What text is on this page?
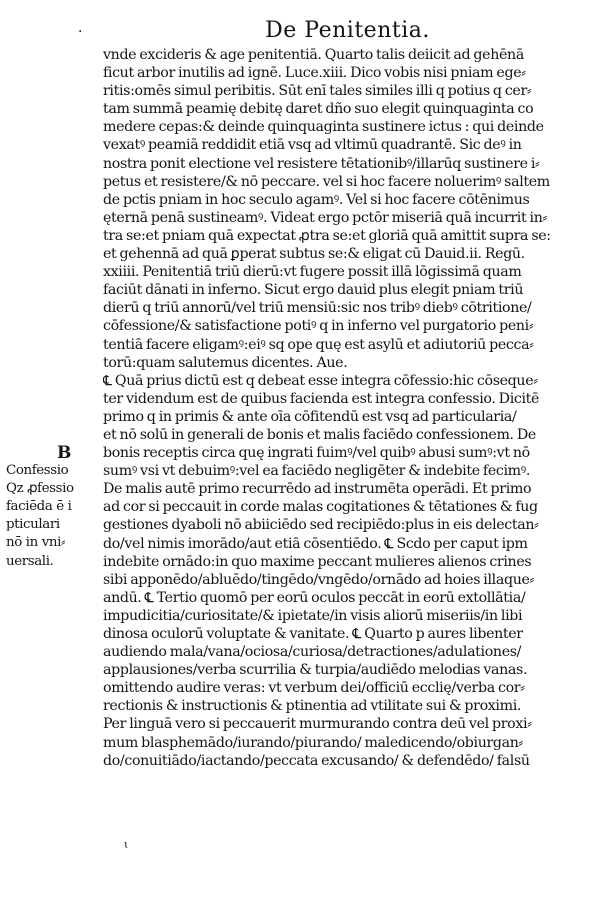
·	De Penitentia.
vnde excideris & age penitentiā. Quarto talis deiicit ad gehēnā
ficut arbor inutilis ad ignē. Luce.xiii. Dico vobis nisi pniam ege⸗
ritis:omēs simul peribitis. Sūt enī tales similes illi q potius q cer⸗
tam summā peamię debitę daret dño suo elegit quinquaginta co
medere cepas:& deinde quinquaginta sustinere ictus : qui deinde
vexatꝰ peamiā reddidit etiā vsq ad vltimū quadrantē. Sic deꝰ in
nostra ponit electione vel resistere tētationibꝰ/illarūq sustinere i⸗
petus et resistere/& nō peccare. vel si hoc facere noluerimꝰ saltem
de pctis pniam in hoc seculo agamꝰ. Vel si hoc facere cōtēnimus
ęternā penā sustineamꝰ. Videat ergo pctōr miseriā quā incurrit in⸗
tra se:et pniam quā expectat ꝓtra se:et gloriā quā amittit supra se:
et gehennā ad quā ꝑperat subtus se:& eligat cū Dauid.ii. Regū.
xxiiii. Penitentiā triū dierū:vt fugere possit illā lōgissimā quam
faciūt dānati in inferno. Sicut ergo dauid plus elegit pniam triū
dierū q triū annorū/vel triū mensiū:sic nos tribꝰ diebꝰ cōtritione/
cōfessione/& satisfactione potiꝰ q in inferno vel purgatorio peni⸗
tentiā facere eligamꝰ:eiꝰ sq ope quę est asylū et adiutoriū pecca⸗
torū:quam salutemus dicentes. Aue.
℄ Quā prius dictū est q debeat esse integra cōfessio:hic cōseque⸗
ter videndum est de quibus facienda est integra confessio. Dicitē
primo q in primis & ante oīa cōfitendū est vsq ad particularia/
et nō solū in generali de bonis et malis faciēdo confessionem. De
bonis receptis circa quę ingrati fuimꝰ/vel quibꝰ abusi sumꝰ:vt nō
sumꝰ vsi vt debuimꝰ:vel ea faciēdo negligēter & indebite fecimꝰ.
De malis autē primo recurrēdo ad instrumēta operādi. Et primo
ad cor si peccauit in corde malas cogitationes & tētationes & fug
gestiones dyaboli nō abiiciēdo sed recipiēdo:plus in eis delectan⸗
do/vel nimis imorādo/aut etiā cōsentiēdo. ℄ Scdo per caput ipm
indebite ornādo:in quo maxime peccant mulieres alienos crines
sibi apponēdo/abluēdo/tingēdo/vngēdo/ornādo ad hoies illaque⸗
andū. ℄ Tertio quomō per eorū oculos peccāt in eorū extollātia/
impudicitia/curiositate/& ipietate/in visis aliorū miseriis/in libi
dinosa oculorū voluptate & vanitate. ℄ Quarto p aures libenter
audiendo mala/vana/ociosa/curiosa/detractiones/adulationes/
applausiones/verba scurrilia & turpia/audiēdo melodias vanas.
omittendo audire veras: vt verbum dei/officiū ecclię/verba cor⸗
rectionis & instructionis & ptinentia ad vtilitate sui & proximi.
Per linguā vero si peccauerit murmurando contra deū vel proxi⸗
mum blasphemādo/iurando/piurando/ maledicendo/obiurgan⸗
do/conuitiādo/iactando/peccata excusando/ & defendēdo/ falsū
B
Confessio
Qz ꝓfessio
faciēda ē i
pticulari
nō in vni⸗
uersali.
ɩ
